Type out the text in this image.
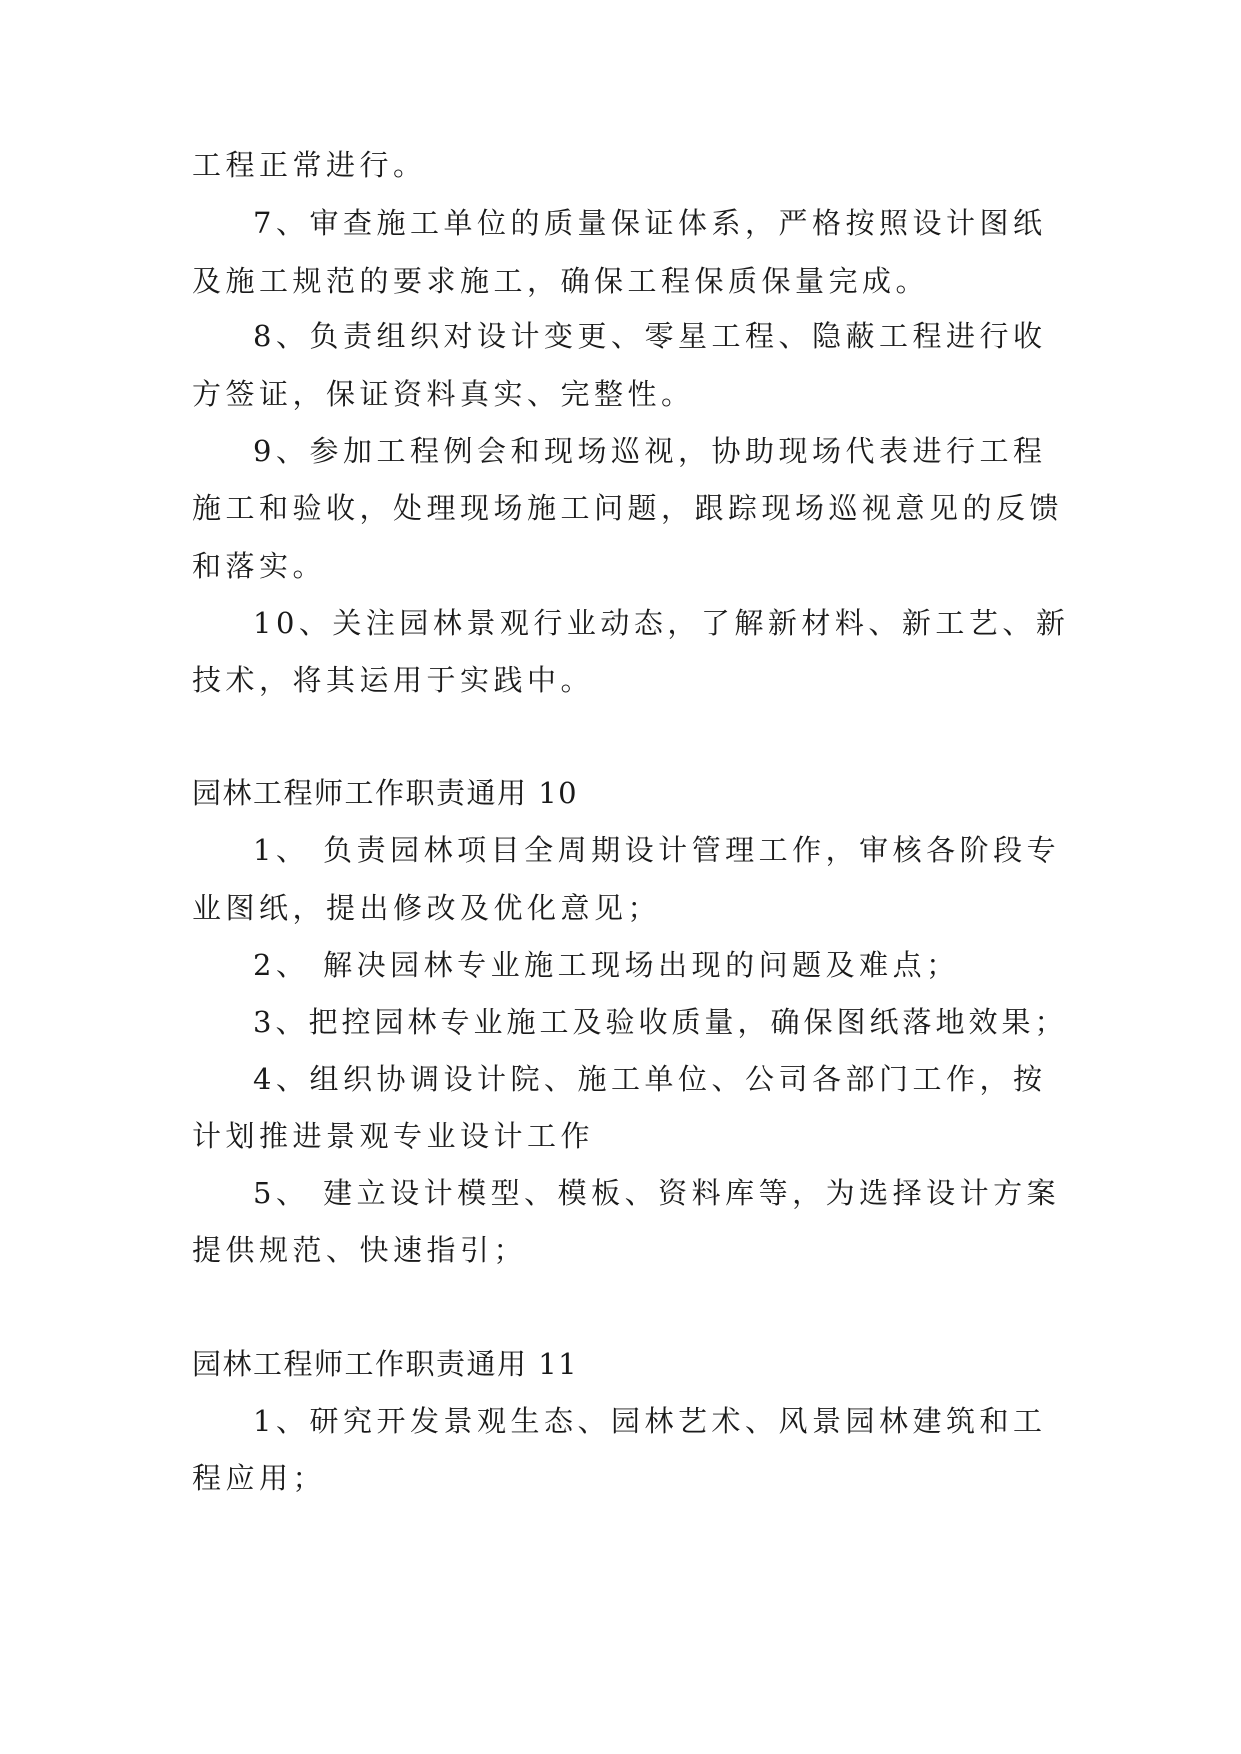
工程正常进行。
7、审查施工单位的质量保证体系，严格按照设计图纸
及施工规范的要求施工，确保工程保质保量完成。
8、负责组织对设计变更、零星工程、隐蔽工程进行收
方签证，保证资料真实、完整性。
9、参加工程例会和现场巡视，协助现场代表进行工程
施工和验收，处理现场施工问题，跟踪现场巡视意见的反馈
和落实。
10、关注园林景观行业动态，了解新材料、新工艺、新
技术，将其运用于实践中。
园林工程师工作职责通用 10
1、 负责园林项目全周期设计管理工作，审核各阶段专
业图纸，提出修改及优化意见；
2、 解决园林专业施工现场出现的问题及难点；
3、把控园林专业施工及验收质量，确保图纸落地效果；
4、组织协调设计院、施工单位、公司各部门工作，按
计划推进景观专业设计工作
5、 建立设计模型、模板、资料库等，为选择设计方案
提供规范、快速指引；
园林工程师工作职责通用 11
1、研究开发景观生态、园林艺术、风景园林建筑和工
程应用；
